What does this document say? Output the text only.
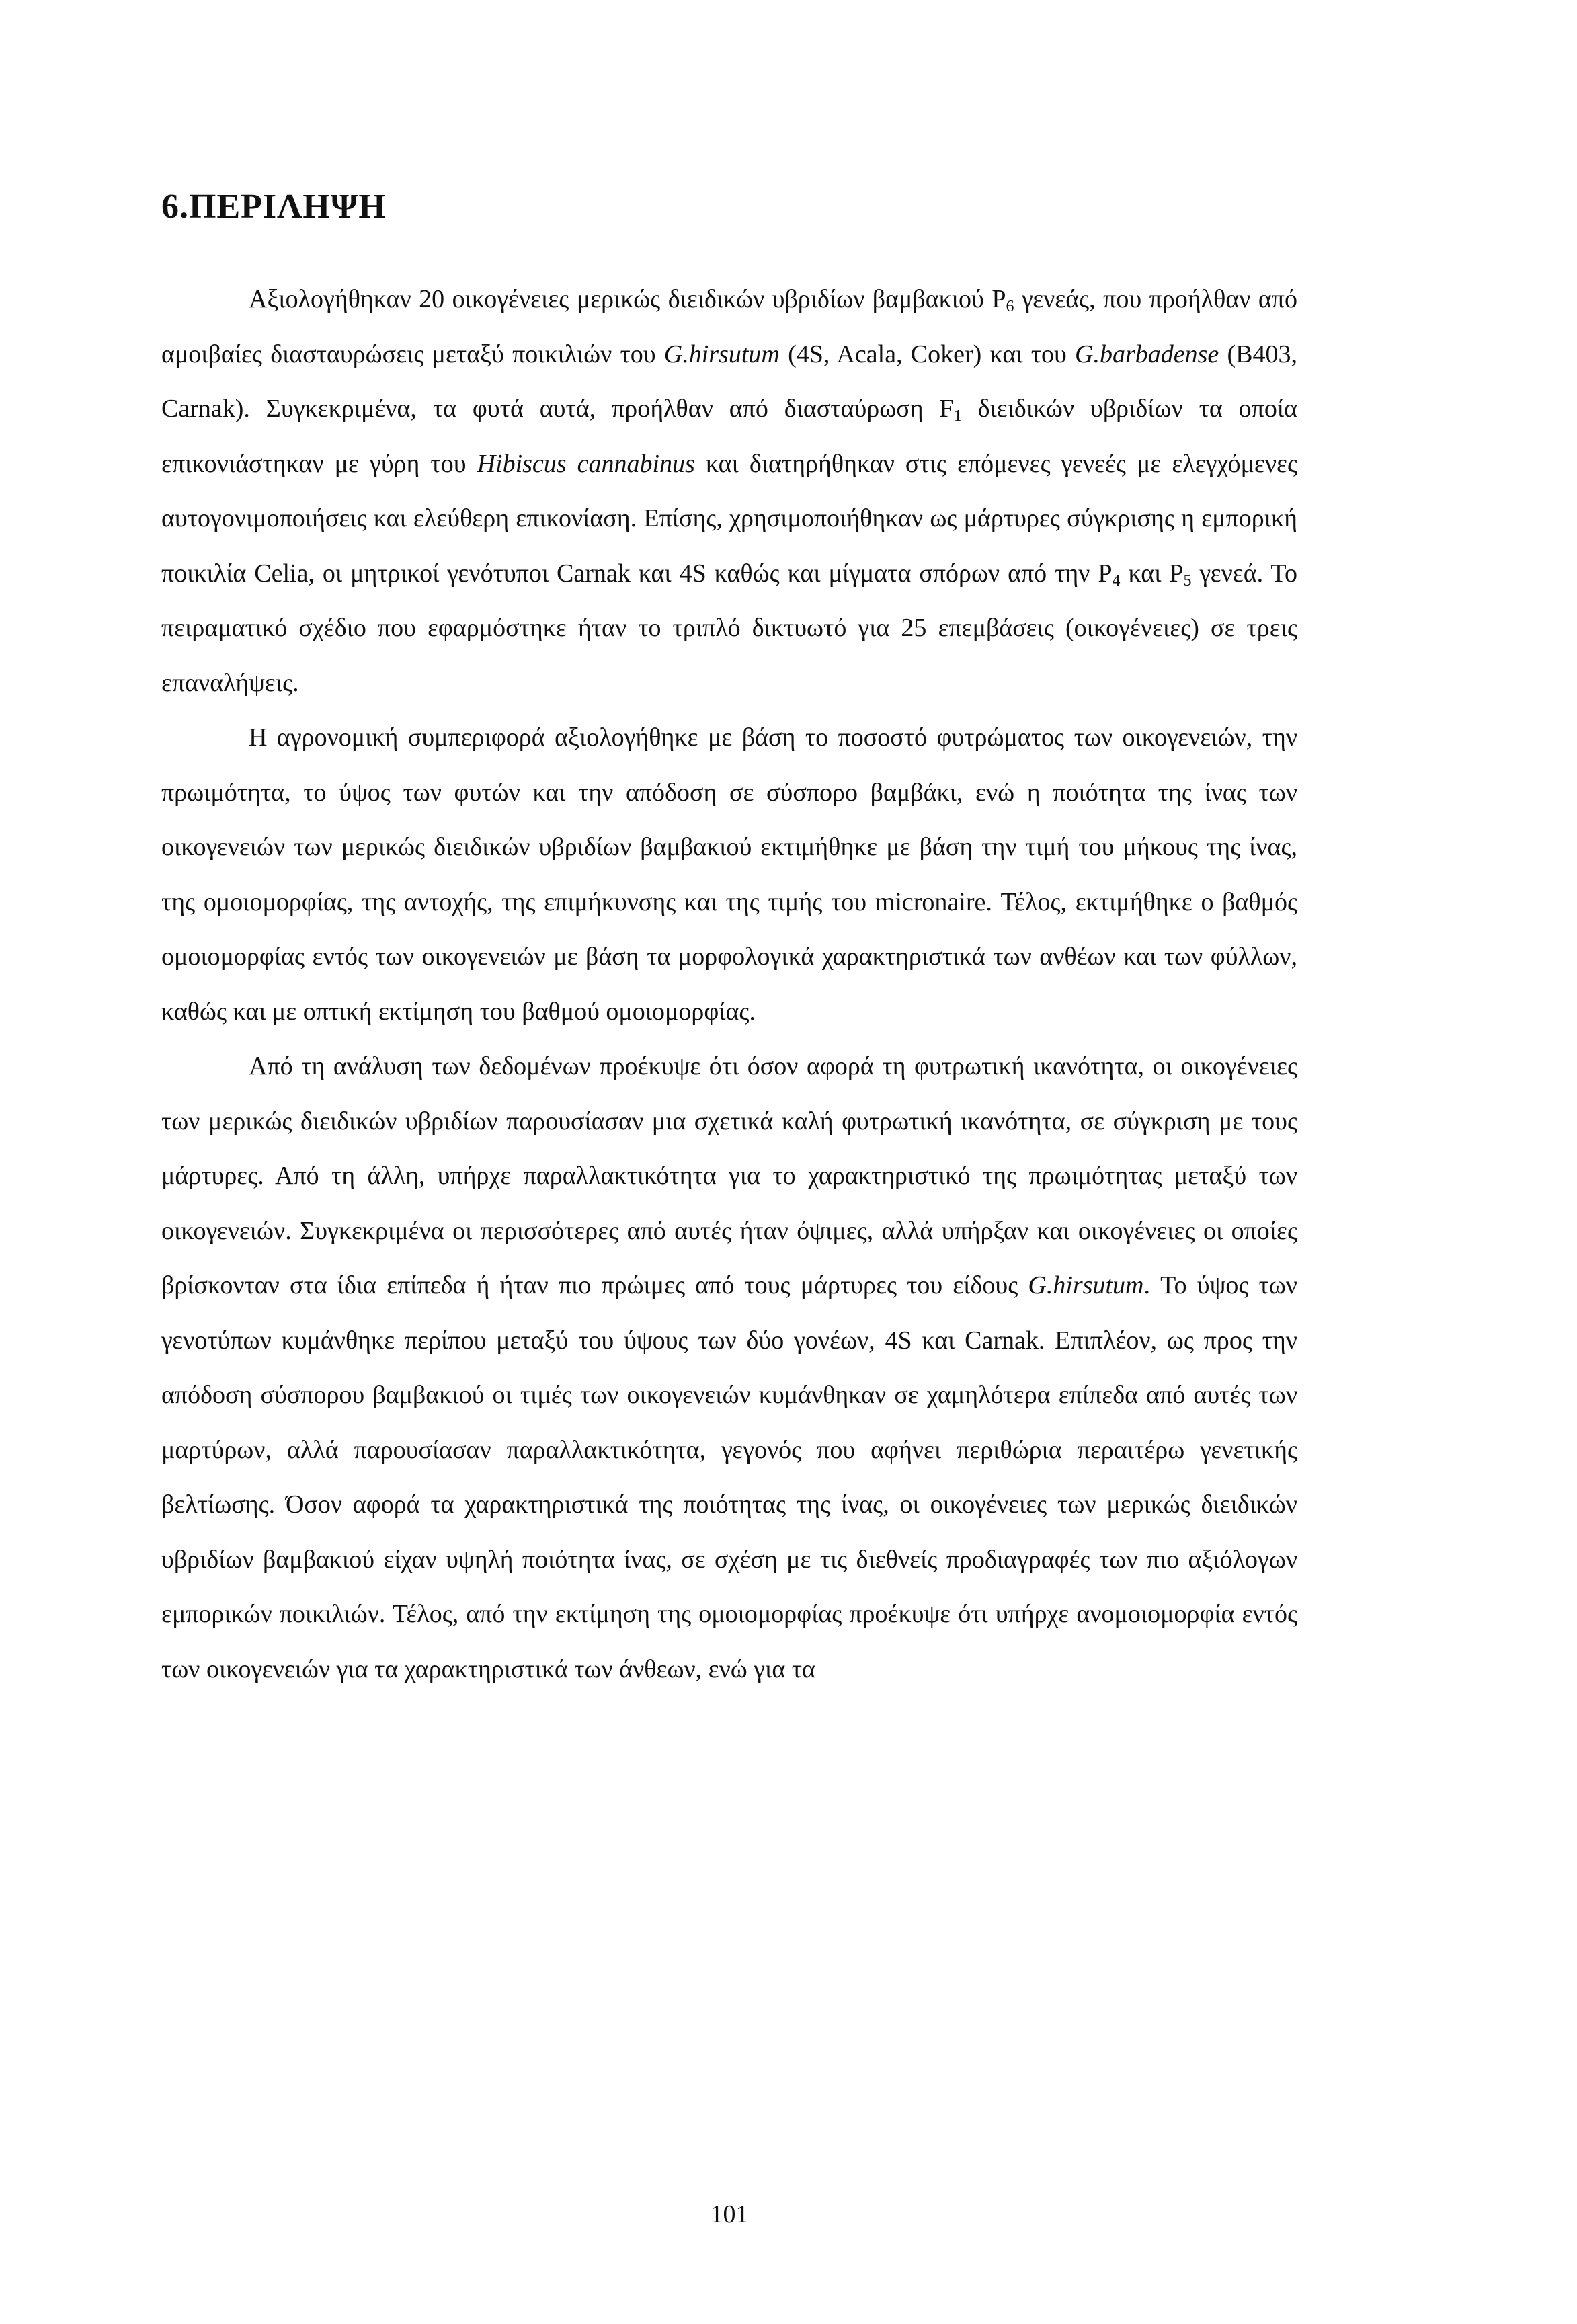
6.ΠΕΡΙΛΗΨΗ

Αξιολογήθηκαν 20 οικογένειες μερικώς διειδικών υβριδίων βαμβακιού $P_6$ γενεάς, που προήλθαν από αμοιβαίες διασταυρώσεις μεταξύ ποικιλιών του G.hirsutum (4S, Acala, Coker) και του G.barbadense (B403, Carnak). Συγκεκριμένα, τα φυτά αυτά, προήλθαν από διασταύρωση $F_1$ διειδικών υβριδίων τα οποία επικονιάστηκαν με γύρη του Hibiscus cannabinus και διατηρήθηκαν στις επόμενες γενεές με ελεγχόμενες αυτογονιμοποιήσεις και ελεύθερη επικονίαση. Επίσης, χρησιμοποιήθηκαν ως μάρτυρες σύγκρισης η εμπορική ποικιλία Celia, οι μητρικοί γενότυποι Carnak και 4S καθώς και μίγματα σπόρων από την $P_4$ και $P_5$ γενεά. Το πειραματικό σχέδιο που εφαρμόστηκε ήταν το τριπλό δικτυωτό για 25 επεμβάσεις (οικογένειες) σε τρεις επαναλήψεις.

Η αγρονομική συμπεριφορά αξιολογήθηκε με βάση το ποσοστό φυτρώματος των οικογενειών, την πρωιμότητα, το ύψος των φυτών και την απόδοση σε σύσπορο βαμβάκι, ενώ η ποιότητα της ίνας των οικογενειών των μερικώς διειδικών υβριδίων βαμβακιού εκτιμήθηκε με βάση την τιμή του μήκους της ίνας, της ομοιομορφίας, της αντοχής, της επιμήκυνσης και της τιμής του micronaire. Τέλος, εκτιμήθηκε ο βαθμός ομοιομορφίας εντός των οικογενειών με βάση τα μορφολογικά χαρακτηριστικά των ανθέων και των φύλλων, καθώς και με οπτική εκτίμηση του βαθμού ομοιομορφίας.

Από τη ανάλυση των δεδομένων προέκυψε ότι όσον αφορά τη φυτρωτική ικανότητα, οι οικογένειες των μερικώς διειδικών υβριδίων παρουσίασαν μια σχετικά καλή φυτρωτική ικανότητα, σε σύγκριση με τους μάρτυρες. Από τη άλλη, υπήρχε παραλλακτικότητα για το χαρακτηριστικό της πρωιμότητας μεταξύ των οικογενειών. Συγκεκριμένα οι περισσότερες από αυτές ήταν όψιμες, αλλά υπήρξαν και οικογένειες οι οποίες βρίσκονταν στα ίδια επίπεδα ή ήταν πιο πρώιμες από τους μάρτυρες του είδους G.hirsutum. Το ύψος των γενοτύπων κυμάνθηκε περίπου μεταξύ του ύψους των δύο γονέων, 4S και Carnak. Επιπλέον, ως προς την απόδοση σύσπορου βαμβακιού οι τιμές των οικογενειών κυμάνθηκαν σε χαμηλότερα επίπεδα από αυτές των μαρτύρων, αλλά παρουσίασαν παραλλακτικότητα, γεγονός που αφήνει περιθώρια περαιτέρω γενετικής βελτίωσης. Όσον αφορά τα χαρακτηριστικά της ποιότητας της ίνας, οι οικογένειες των μερικώς διειδικών υβριδίων βαμβακιού είχαν υψηλή ποιότητα ίνας, σε σχέση με τις διεθνείς προδιαγραφές των πιο αξιόλογων εμπορικών ποικιλιών. Τέλος, από την εκτίμηση της ομοιομορφίας προέκυψε ότι υπήρχε ανομοιομορφία εντός των οικογενειών για τα χαρακτηριστικά των άνθεων, ενώ για τα

101
